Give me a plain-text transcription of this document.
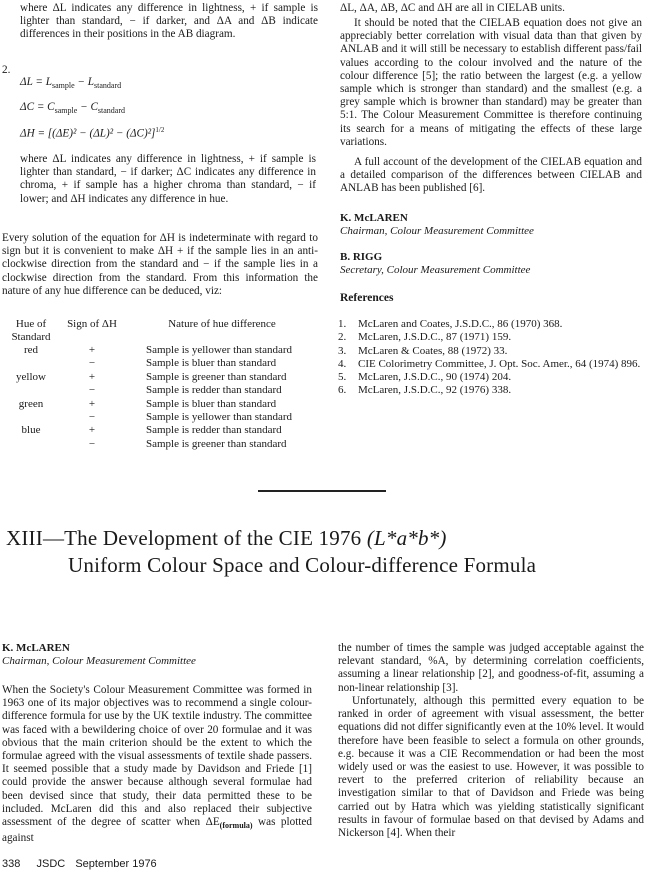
where ΔL indicates any difference in lightness, + if sample is lighter than standard, − if darker, and ΔA and ΔB indicate differences in their positions in the AB diagram.
2.
$\Delta L = L_{sample} - L_{standard}$
$\Delta C = C_{sample} - C_{standard}$
$\Delta H = [(\Delta E)^2 - (\Delta L)^2 - (\Delta C)^2]^{1/2}$
where ΔL indicates any difference in lightness, + if sample is lighter than standard, − if darker; ΔC indicates any difference in chroma, + if sample has a higher chroma than standard, − if lower; and ΔH indicates any difference in hue.
Every solution of the equation for ΔH is indeterminate with regard to sign but it is convenient to make ΔH + if the sample lies in an anti-clockwise direction from the standard and − if the sample lies in a clockwise direction from the standard. From this information the nature of any hue difference can be deduced, viz:
Hue of Standard	Sign of ΔH	Nature of hue difference
red	+	Sample is yellower than standard
	−	Sample is bluer than standard
yellow	+	Sample is greener than standard
	−	Sample is redder than standard
green	+	Sample is bluer than standard
	−	Sample is yellower than standard
blue	+	Sample is redder than standard
	−	Sample is greener than standard
ΔL, ΔA, ΔB, ΔC and ΔH are all in CIELAB units.
It should be noted that the CIELAB equation does not give an appreciably better correlation with visual data than that given by ANLAB and it will still be necessary to establish different pass/fail values according to the colour involved and the nature of the colour difference [5]; the ratio between the largest (e.g. a yellow sample which is stronger than standard) and the smallest (e.g. a grey sample which is browner than standard) may be greater than 5:1. The Colour Measurement Committee is therefore continuing its search for a means of mitigating the effects of these large variations.
A full account of the development of the CIELAB equation and a detailed comparison of the differences between CIELAB and ANLAB has been published [6].
K. McLAREN
Chairman, Colour Measurement Committee
B. RIGG
Secretary, Colour Measurement Committee
References
1. McLaren and Coates, J.S.D.C., 86 (1970) 368.
2. McLaren, J.S.D.C., 87 (1971) 159.
3. McLaren & Coates, 88 (1972) 33.
4.	CIE Colorimetry Committee, J. Opt. Soc. Amer., 64 (1974) 896.
5. McLaren, J.S.D.C., 90 (1974) 204.
6. McLaren, J.S.D.C., 92 (1976) 338.
XIII—The Development of the CIE 1976 (L*a*b*)
Uniform Colour Space and Colour-difference Formula
K. McLAREN
Chairman, Colour Measurement Committee
When the Society's Colour Measurement Committee was formed in 1963 one of its major objectives was to recommend a single colour-difference formula for use by the UK textile industry. The committee was faced with a bewildering choice of over 20 formulae and it was obvious that the main criterion should be the extent to which the formulae agreed with the visual assessments of textile shade passers. It seemed possible that a study made by Davidson and Friede [1] could provide the answer because although several formulae had been devised since that study, their data permitted these to be included. McLaren did this and also replaced their subjective assessment of the degree of scatter when $\Delta E_{(formula)}$ was plotted against
the number of times the sample was judged acceptable against the relevant standard, %A, by determining correlation coefficients, assuming a linear relationship [2], and goodness-of-fit, assuming a non-linear relationship [3].
Unfortunately, although this permitted every equation to be ranked in order of agreement with visual assessment, the better equations did not differ significantly even at the 10% level. It would therefore have been feasible to select a formula on other grounds, e.g. because it was a CIE Recommendation or had been the most widely used or was the easiest to use. However, it was possible to revert to the preferred criterion of reliability because an investigation similar to that of Davidson and Friede was being carried out by Hatra which was yielding statistically significant results in favour of formulae based on that devised by Adams and Nickerson [4]. When their
338 JSDC September 1976
